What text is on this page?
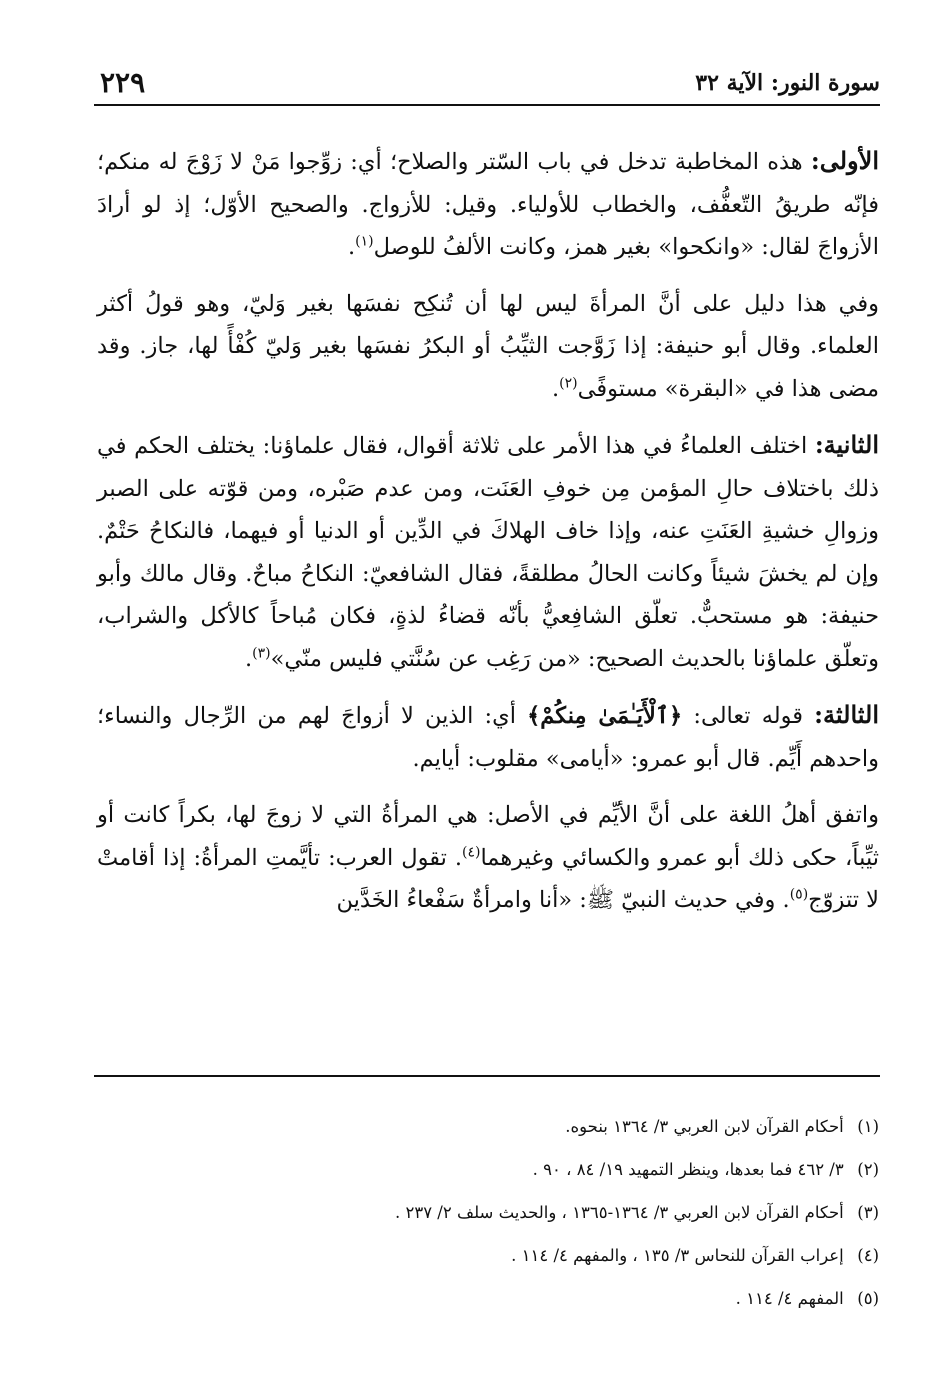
سورة النور: الآية ٣٢
٢٢٩

الأولى: هذه المخاطبة تدخل في باب السّتر والصلاح؛ أي: زوِّجوا مَنْ لا زَوْجَ له منكم؛ فإنّه طريقُ التّعفُّف، والخطاب للأولياء. وقيل: للأزواج. والصحيح الأوّل؛ إذ لو أرادَ الأزواجَ لقال: «وانكحوا» بغير همز، وكانت الألفُ للوصل$^{(١)}$.

وفي هذا دليل على أنَّ المرأةَ ليس لها أن تُنكِح نفسَها بغير وَليّ، وهو قولُ أكثر العلماء. وقال أبو حنيفة: إذا زَوَّجت الثيِّبُ أو البكرُ نفسَها بغير وَليّ كُفْأً لها، جاز. وقد مضى هذا في «البقرة» مستوفًى$^{(٢)}$.

الثانية: اختلف العلماءُ في هذا الأمر على ثلاثة أقوال، فقال علماؤنا: يختلف الحكم في ذلك باختلاف حالِ المؤمن مِن خوفِ العَنَت، ومن عدم صَبْره، ومن قوّته على الصبر وزوالِ خشيةِ العَنَتِ عنه، وإذا خاف الهلاكَ في الدِّين أو الدنيا أو فيهما، فالنكاحُ حَتْمٌ. وإن لم يخشَ شيئاً وكانت الحالُ مطلقةً، فقال الشافعيّ: النكاحُ مباحٌ. وقال مالك وأبو حنيفة: هو مستحبٌّ. تعلّق الشافِعيُّ بأنّه قضاءُ لذةٍ، فكان مُباحاً كالأكل والشراب، وتعلّق علماؤنا بالحديث الصحيح: «من رَغِب عن سُنَّتي فليس منّي»$^{(٣)}$.

الثالثة: قوله تعالى: ﴿ٱلْأَيَـٰمَىٰ مِنكُمْ﴾ أي: الذين لا أزواجَ لهم من الرِّجال والنساء؛ واحدهم أَيِّم. قال أبو عمرو: «أيامى» مقلوب: أيايم.

واتفق أهلُ اللغة على أنَّ الأيِّم في الأصل: هي المرأةُ التي لا زوجَ لها، بكراً كانت أو ثيِّباً، حكى ذلك أبو عمرو والكسائي وغيرهما$^{(٤)}$. تقول العرب: تأيَّمتِ المرأةُ: إذا أقامتْ لا تتزوّج$^{(٥)}$. وفي حديث النبيّ ﷺ: «أنا وامرأةٌ سَفْعاءُ الخَدَّين

(١) أحكام القرآن لابن العربي ٣/ ١٣٦٤ بنحوه.

(٢) ٣/ ٤٦٢ فما بعدها، وينظر التمهيد ١٩/ ٨٤ ، ٩٠ .

(٣) أحكام القرآن لابن العربي ٣/ ١٣٦٤-١٣٦٥ ، والحديث سلف ٢/ ٢٣٧ .

(٤) إعراب القرآن للنحاس ٣/ ١٣٥ ، والمفهم ٤/ ١١٤ .

(٥) المفهم ٤/ ١١٤ .
